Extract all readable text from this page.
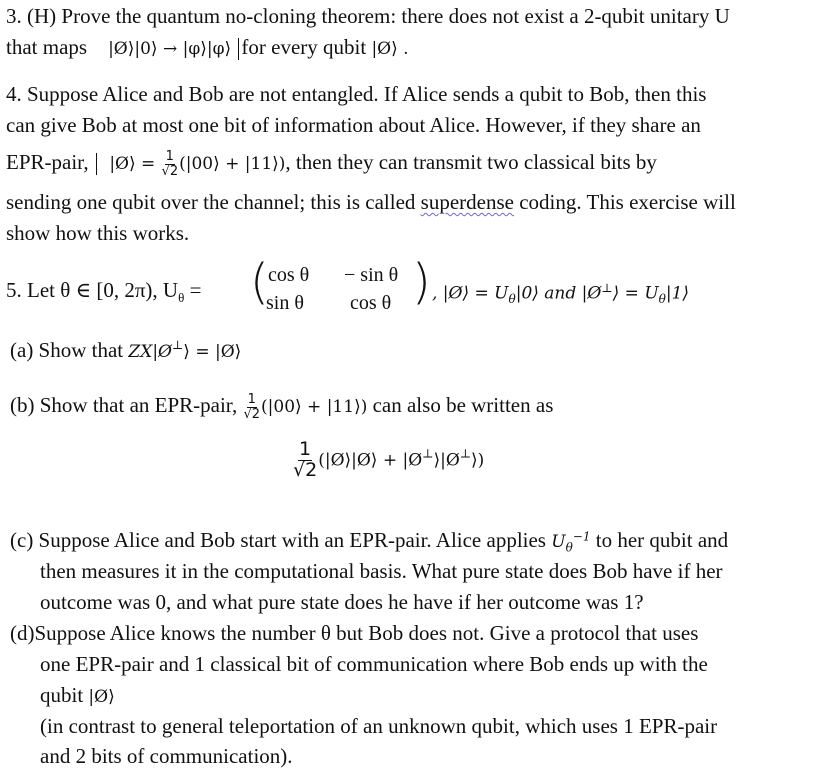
3. (H) Prove the quantum no-cloning theorem: there does not exist a 2-qubit unitary U
that maps |Ø⟩|0⟩ → |φ⟩|φ⟩ for every qubit |Ø⟩ .
4. Suppose Alice and Bob are not entangled. If Alice sends a qubit to Bob, then this
can give Bob at most one bit of information about Alice. However, if they share an
EPR-pair, |Ø⟩ = $\frac{1}{√2}$ (|00⟩ + |11⟩), then they can transmit two classical bits by
sending one qubit over the channel; this is called superdense coding. This exercise will
show how this works.
5. Let θ ∈ [0, 2π), $U_\theta$ = ( cos θ − sin θ
sin θ cos θ ) , |Ø⟩ = $U_\theta|0⟩$ and |Ø⊥⟩ = $U_\theta|1⟩$
(a) Show that ZX|Ø⊥⟩ = |Ø⟩
(b) Show that an EPR-pair, $\frac{1}{√2}$ (|00⟩ + |11⟩) can also be written as
$\frac{1}{√2}$ (|Ø⟩|Ø⟩ + |Ø⊥⟩|Ø⊥⟩)
(c) Suppose Alice and Bob start with an EPR-pair. Alice applies $U_\theta^{-1}$ to her qubit and
then measures it in the computational basis. What pure state does Bob have if her
outcome was 0, and what pure state does he have if her outcome was 1?
(d)Suppose Alice knows the number θ but Bob does not. Give a protocol that uses
one EPR-pair and 1 classical bit of communication where Bob ends up with the
qubit |Ø⟩
(in contrast to general teleportation of an unknown qubit, which uses 1 EPR-pair
and 2 bits of communication).
